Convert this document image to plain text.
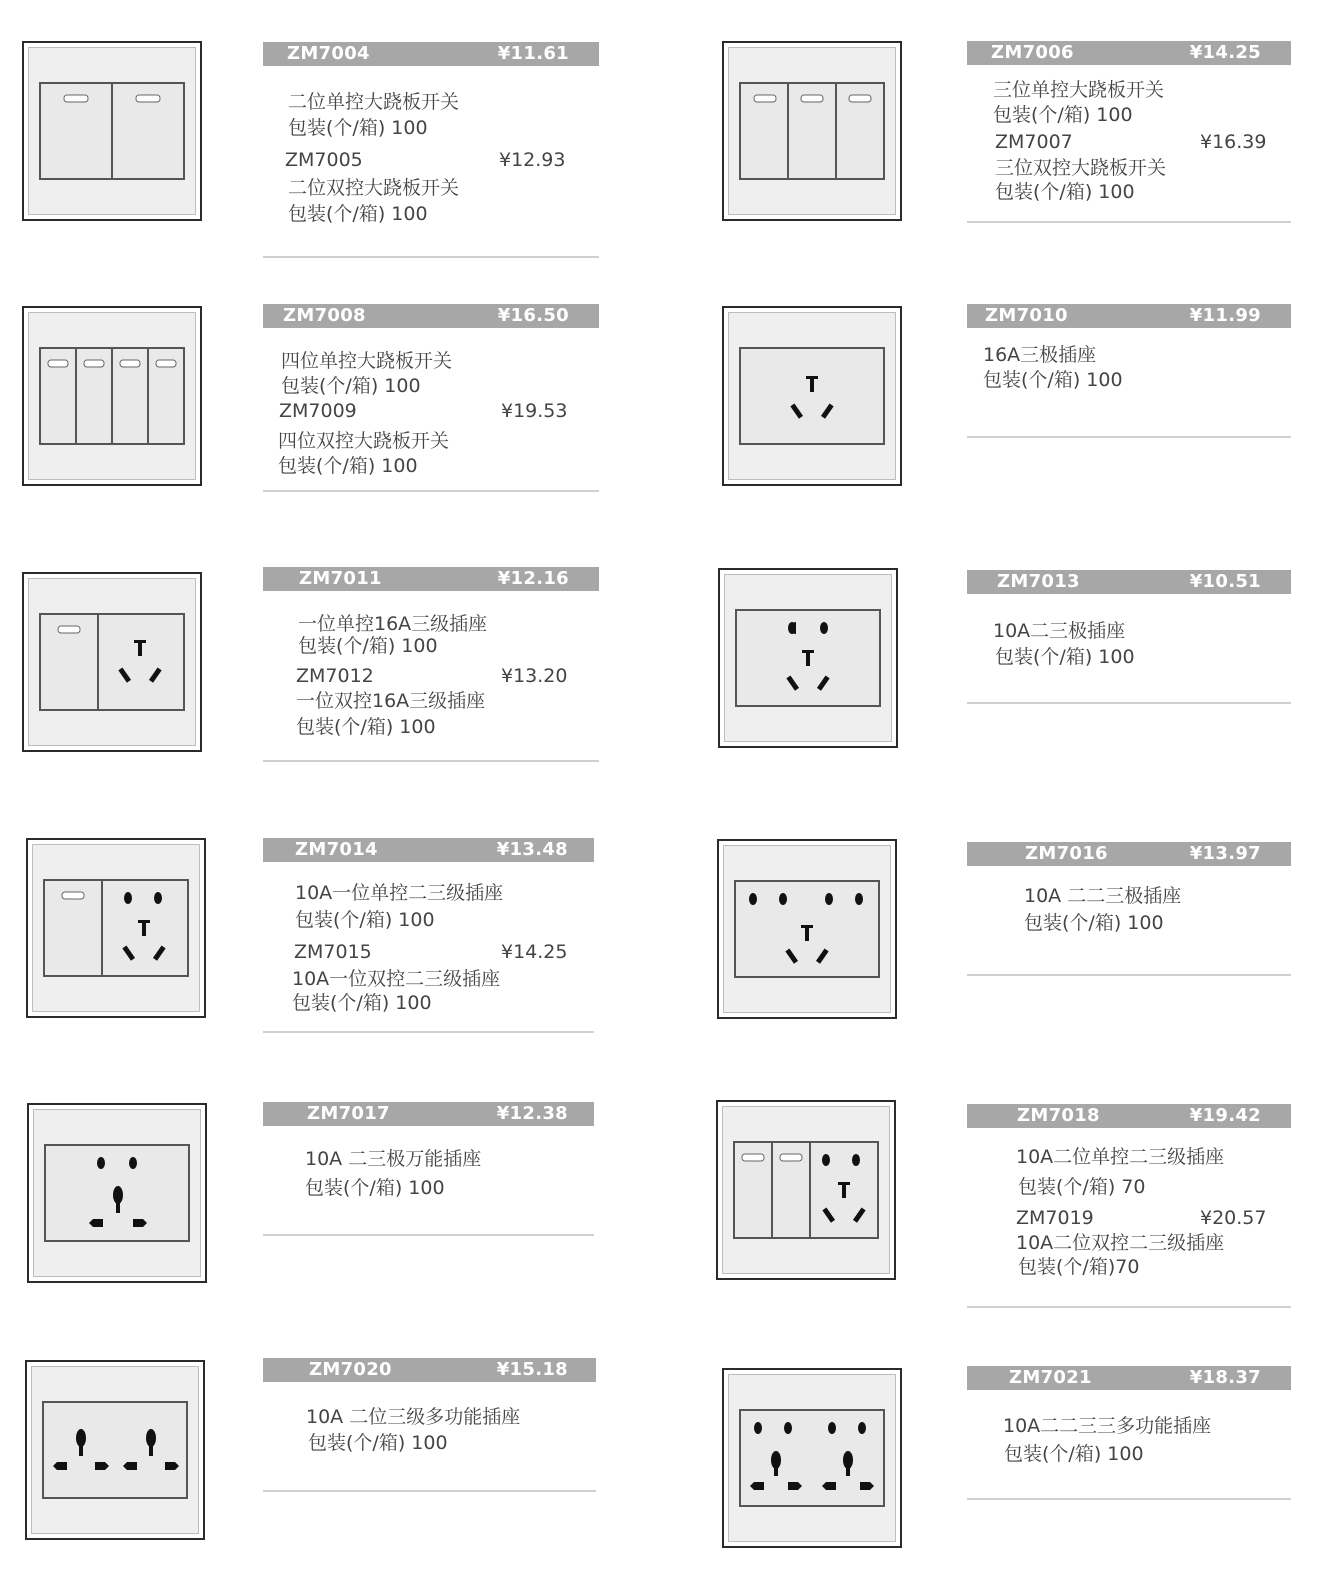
ZM7004	¥11.61
二位单控大跷板开关
包装(个/箱) 100
ZM7005	¥12.93
二位双控大跷板开关
包装(个/箱) 100
ZM7006	¥14.25
三位单控大跷板开关
包装(个/箱) 100
ZM7007	¥16.39
三位双控大跷板开关
包装(个/箱) 100
ZM7008	¥16.50
四位单控大跷板开关
包装(个/箱) 100
ZM7009	¥19.53
四位双控大跷板开关
包装(个/箱) 100
ZM7010	¥11.99
16A三极插座
包装(个/箱) 100
ZM7011	¥12.16
一位单控16A三级插座
包装(个/箱) 100
ZM7012	¥13.20
一位双控16A三级插座
包装(个/箱) 100
ZM7013	¥10.51
10A二三极插座
包装(个/箱) 100
ZM7014	¥13.48
10A一位单控二三级插座
包装(个/箱) 100
ZM7015	¥14.25
10A一位双控二三级插座
包装(个/箱) 100
ZM7016	¥13.97
10A 二二三极插座
包装(个/箱) 100
ZM7017	¥12.38
10A 二三极万能插座
包装(个/箱) 100
ZM7018	¥19.42
10A二位单控二三级插座
包装(个/箱) 70
ZM7019	¥20.57
10A二位双控二三级插座
包装(个/箱)70
ZM7020	¥15.18
10A 二位三级多功能插座
包装(个/箱) 100
ZM7021	¥18.37
10A二二三三多功能插座
包装(个/箱) 100
